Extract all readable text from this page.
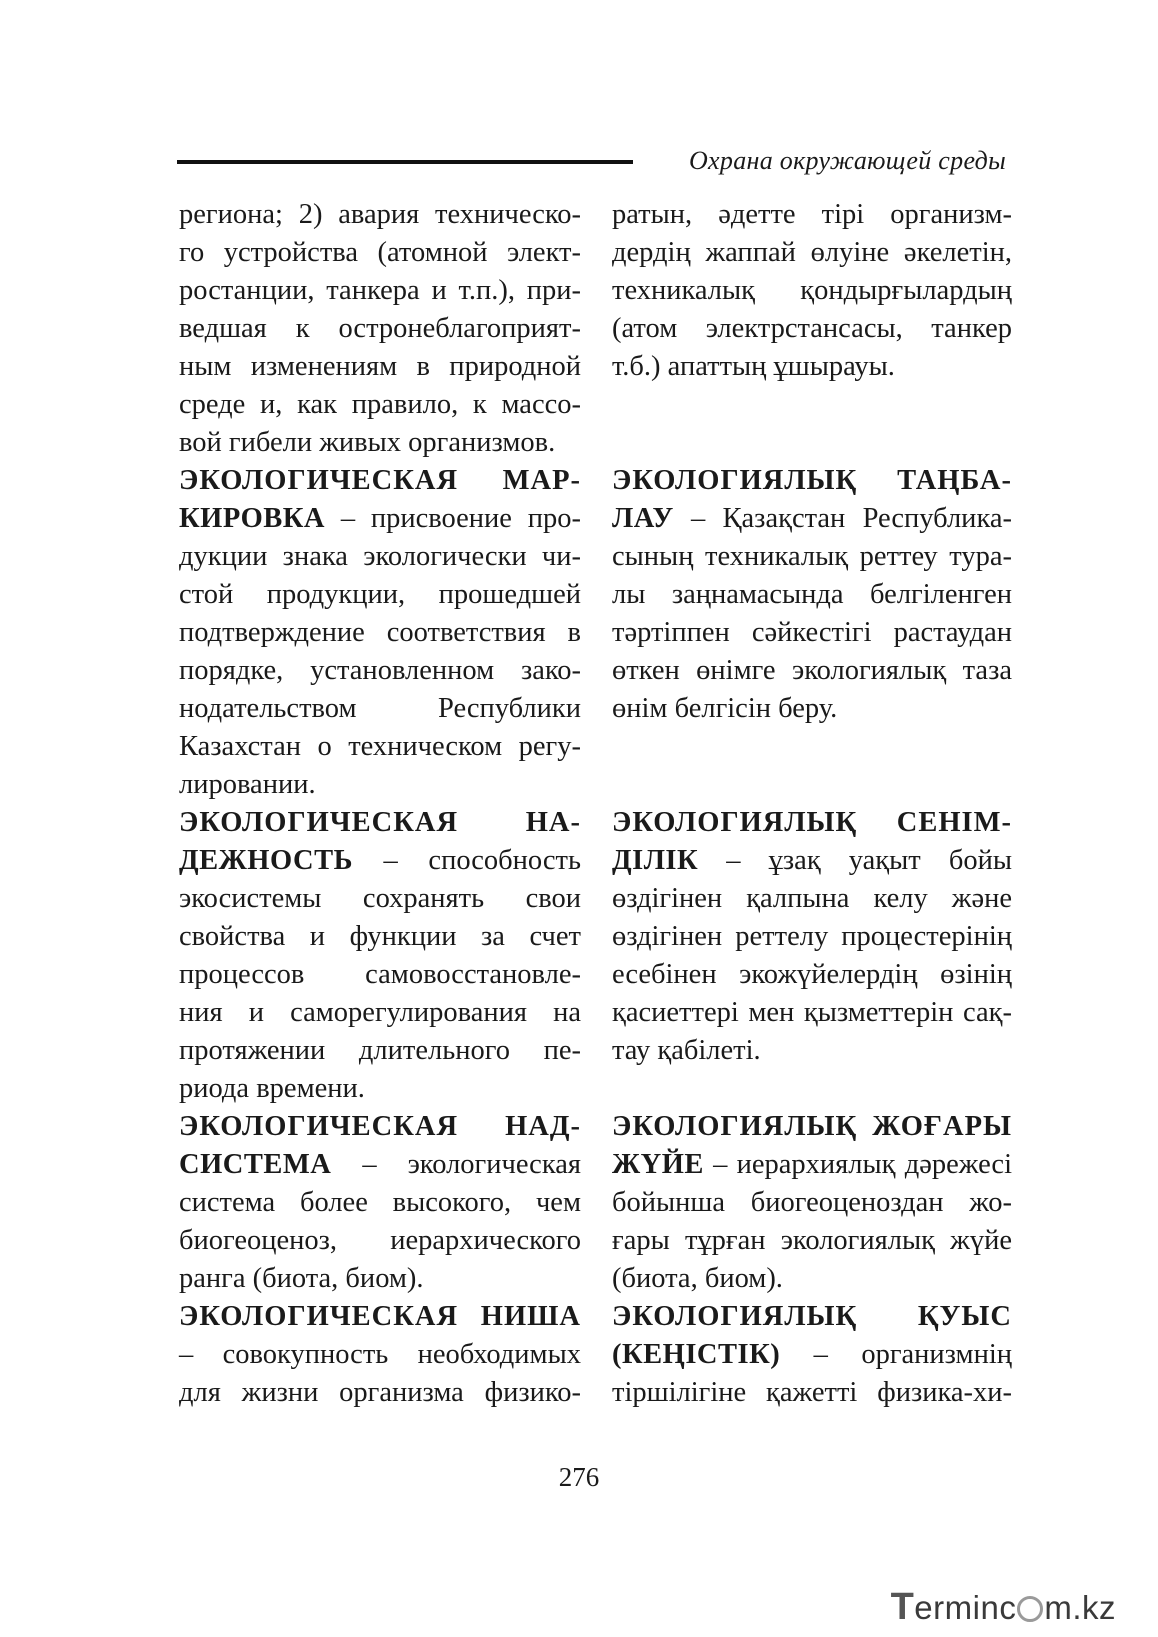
Охрана окружающей среды
региона; 2) авария техническо-
го устройства (атомной элект-
ростанции, танкера и т.п.), при-
ведшая к остронеблагоприят-
ным изменениям в природной
среде и, как правило, к массо-
вой гибели живых организмов.
ЭКОЛОГИЧЕСКАЯ МАР-
КИРОВКА – присвоение про-
дукции знака экологически чи-
стой продукции, прошедшей
подтверждение соответствия в
порядке, установленном зако-
нодательством Республики
Казахстан о техническом регу-
лировании.
ЭКОЛОГИЧЕСКАЯ НА-
ДЕЖНОСТЬ – способность
экосистемы сохранять свои
свойства и функции за счет
процессов самовосстановле-
ния и саморегулирования на
протяжении длительного пе-
риода времени.
ЭКОЛОГИЧЕСКАЯ НАД-
СИСТЕМА – экологическая
система более высокого, чем
биогеоценоз, иерархического
ранга (биота, биом).
ЭКОЛОГИЧЕСКАЯ НИША
– совокупность необходимых
для жизни организма физико-
ратын, әдетте тірі организм-
дердің жаппай өлуіне әкелетін,
техникалық қондырғылардың
(атом электрстансасы, танкер
т.б.) апаттың ұшырауы.
ЭКОЛОГИЯЛЫҚ ТАҢБА-
ЛАУ – Қазақстан Республика-
сының техникалық реттеу тура-
лы заңнамасында белгіленген
тәртіппен сәйкестігі растаудан
өткен өнімге экологиялық таза
өнім белгісін беру.
ЭКОЛОГИЯЛЫҚ СЕНІМ-
ДІЛІК – ұзақ уақыт бойы
өздігінен қалпына келу және
өздігінен реттелу процестерінің
есебінен экожүйелердің өзінің
қасиеттері мен қызметтерін сақ-
тау қабілеті.
ЭКОЛОГИЯЛЫҚ ЖОҒАРЫ
ЖҮЙЕ – иерархиялық дәрежесі
бойынша биогеоценоздан жо-
ғары тұрған экологиялық жүйе
(биота, биом).
ЭКОЛОГИЯЛЫҚ ҚУЫС
(КЕҢІСТІК) – организмнің
тіршілігіне қажетті физика-хи-
276
Terminc m.kz
